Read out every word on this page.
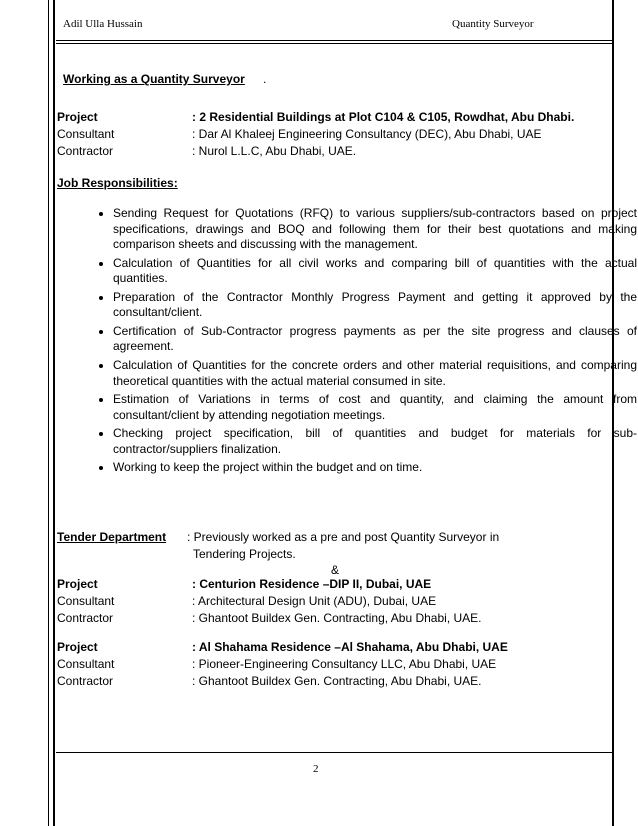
Adil Ulla Hussain	Quantity Surveyor
Working as a Quantity Surveyor .
Project	: 2 Residential Buildings at Plot C104 & C105, Rowdhat, Abu Dhabi.
Consultant	: Dar Al Khaleej Engineering Consultancy (DEC), Abu Dhabi, UAE
Contractor	: Nurol L.L.C, Abu Dhabi, UAE.
Job Responsibilities:
• Sending Request for Quotations (RFQ) to various suppliers/sub-contractors based on project specifications, drawings and BOQ and following them for their best quotations and making comparison sheets and discussing with the management.
• Calculation of Quantities for all civil works and comparing bill of quantities with the actual quantities.
• Preparation of the Contractor Monthly Progress Payment and getting it approved by the consultant/client.
• Certification of Sub-Contractor progress payments as per the site progress and clauses of agreement.
• Calculation of Quantities for the concrete orders and other material requisitions, and comparing theoretical quantities with the actual material consumed in site.
• Estimation of Variations in terms of cost and quantity, and claiming the amount from consultant/client by attending negotiation meetings.
• Checking project specification, bill of quantities and budget for materials for sub-contractor/suppliers finalization.
• Working to keep the project within the budget and on time.
Tender Department : Previously worked as a pre and post Quantity Surveyor in
Tendering Projects.
&
Project	: Centurion Residence –DIP II, Dubai, UAE
Consultant	: Architectural Design Unit (ADU), Dubai, UAE
Contractor	: Ghantoot Buildex Gen. Contracting, Abu Dhabi, UAE.
Project	: Al Shahama Residence –Al Shahama, Abu Dhabi, UAE
Consultant	: Pioneer-Engineering Consultancy LLC, Abu Dhabi, UAE
Contractor	: Ghantoot Buildex Gen. Contracting, Abu Dhabi, UAE.
2
